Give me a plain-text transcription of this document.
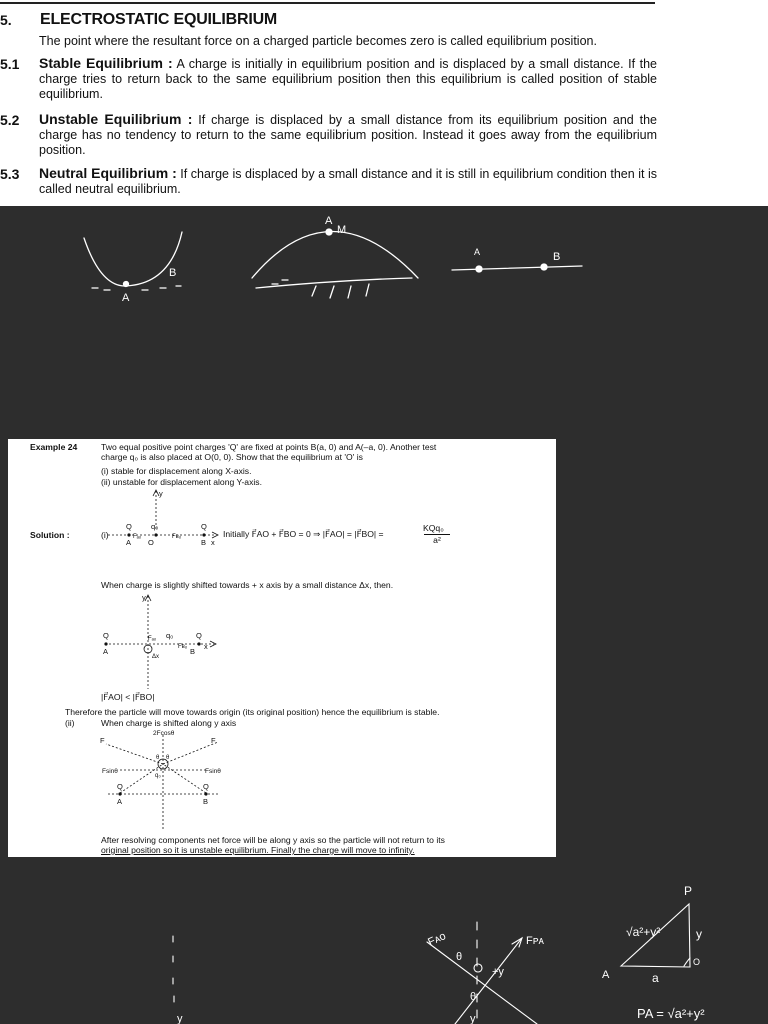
5. ELECTROSTATIC EQUILIBRIUM
The point where the resultant force on a charged particle becomes zero is called equilibrium position.
5.1 Stable Equilibrium : A charge is initially in equilibrium position and is displaced by a small distance. If the charge tries to return back to the same equilibrium position then this equilibrium is called position of stable equilibrium.
5.2 Unstable Equilibrium : If charge is displaced by a small distance from its equilibrium position and the charge has no tendency to return to the same equilibrium position. Instead it goes away from the equilibrium position.
5.3 Neutral Equilibrium : If charge is displaced by a small distance and it is still in equilibrium condition then it is called neutral equilibrium.
A
B
A
M
A	B
Fᴀᴏ	Fᴘᴀ
θ
+y
θ
y
y
P
√a²+y²	y
a
A
O
PA = √a²+y²
Example 24	Two equal positive point charges 'Q' are fixed at points B(a, 0) and A(–a, 0). Another test
charge q₀ is also placed at O(0, 0). Show that the equilibrium at 'O' is
(i) stable for displacement along X-axis.
(ii) unstable for displacement along Y-axis.
Solution :	(i)	Initially F⃗AO + F⃗BO = 0 ⇒ |F⃗AO| = |F⃗BO| =
KQq₀
a²
When charge is slightly shifted towards + x axis by a small distance Δx, then.
|F⃗AO| < |F⃗BO|
Therefore the particle will move towards origin (its original position) hence the equilibrium is stable.
(ii)	When charge is shifted along y axis
After resolving components net force will be along y axis so the particle will not return to its
original position so it is unstable equilibrium. Finally the charge will move to infinity.
Q
A
q₀
O
Q
B x
y
Fₐₒ	Fʙₒ
Q
A
Q
B
x
y
q₀
Fₐₒ
Fʙₒ
Δx
2Fcosθ
F	F
Fsinθ	Fsinθ
θ θ
q₀
Q
A
Q
B
